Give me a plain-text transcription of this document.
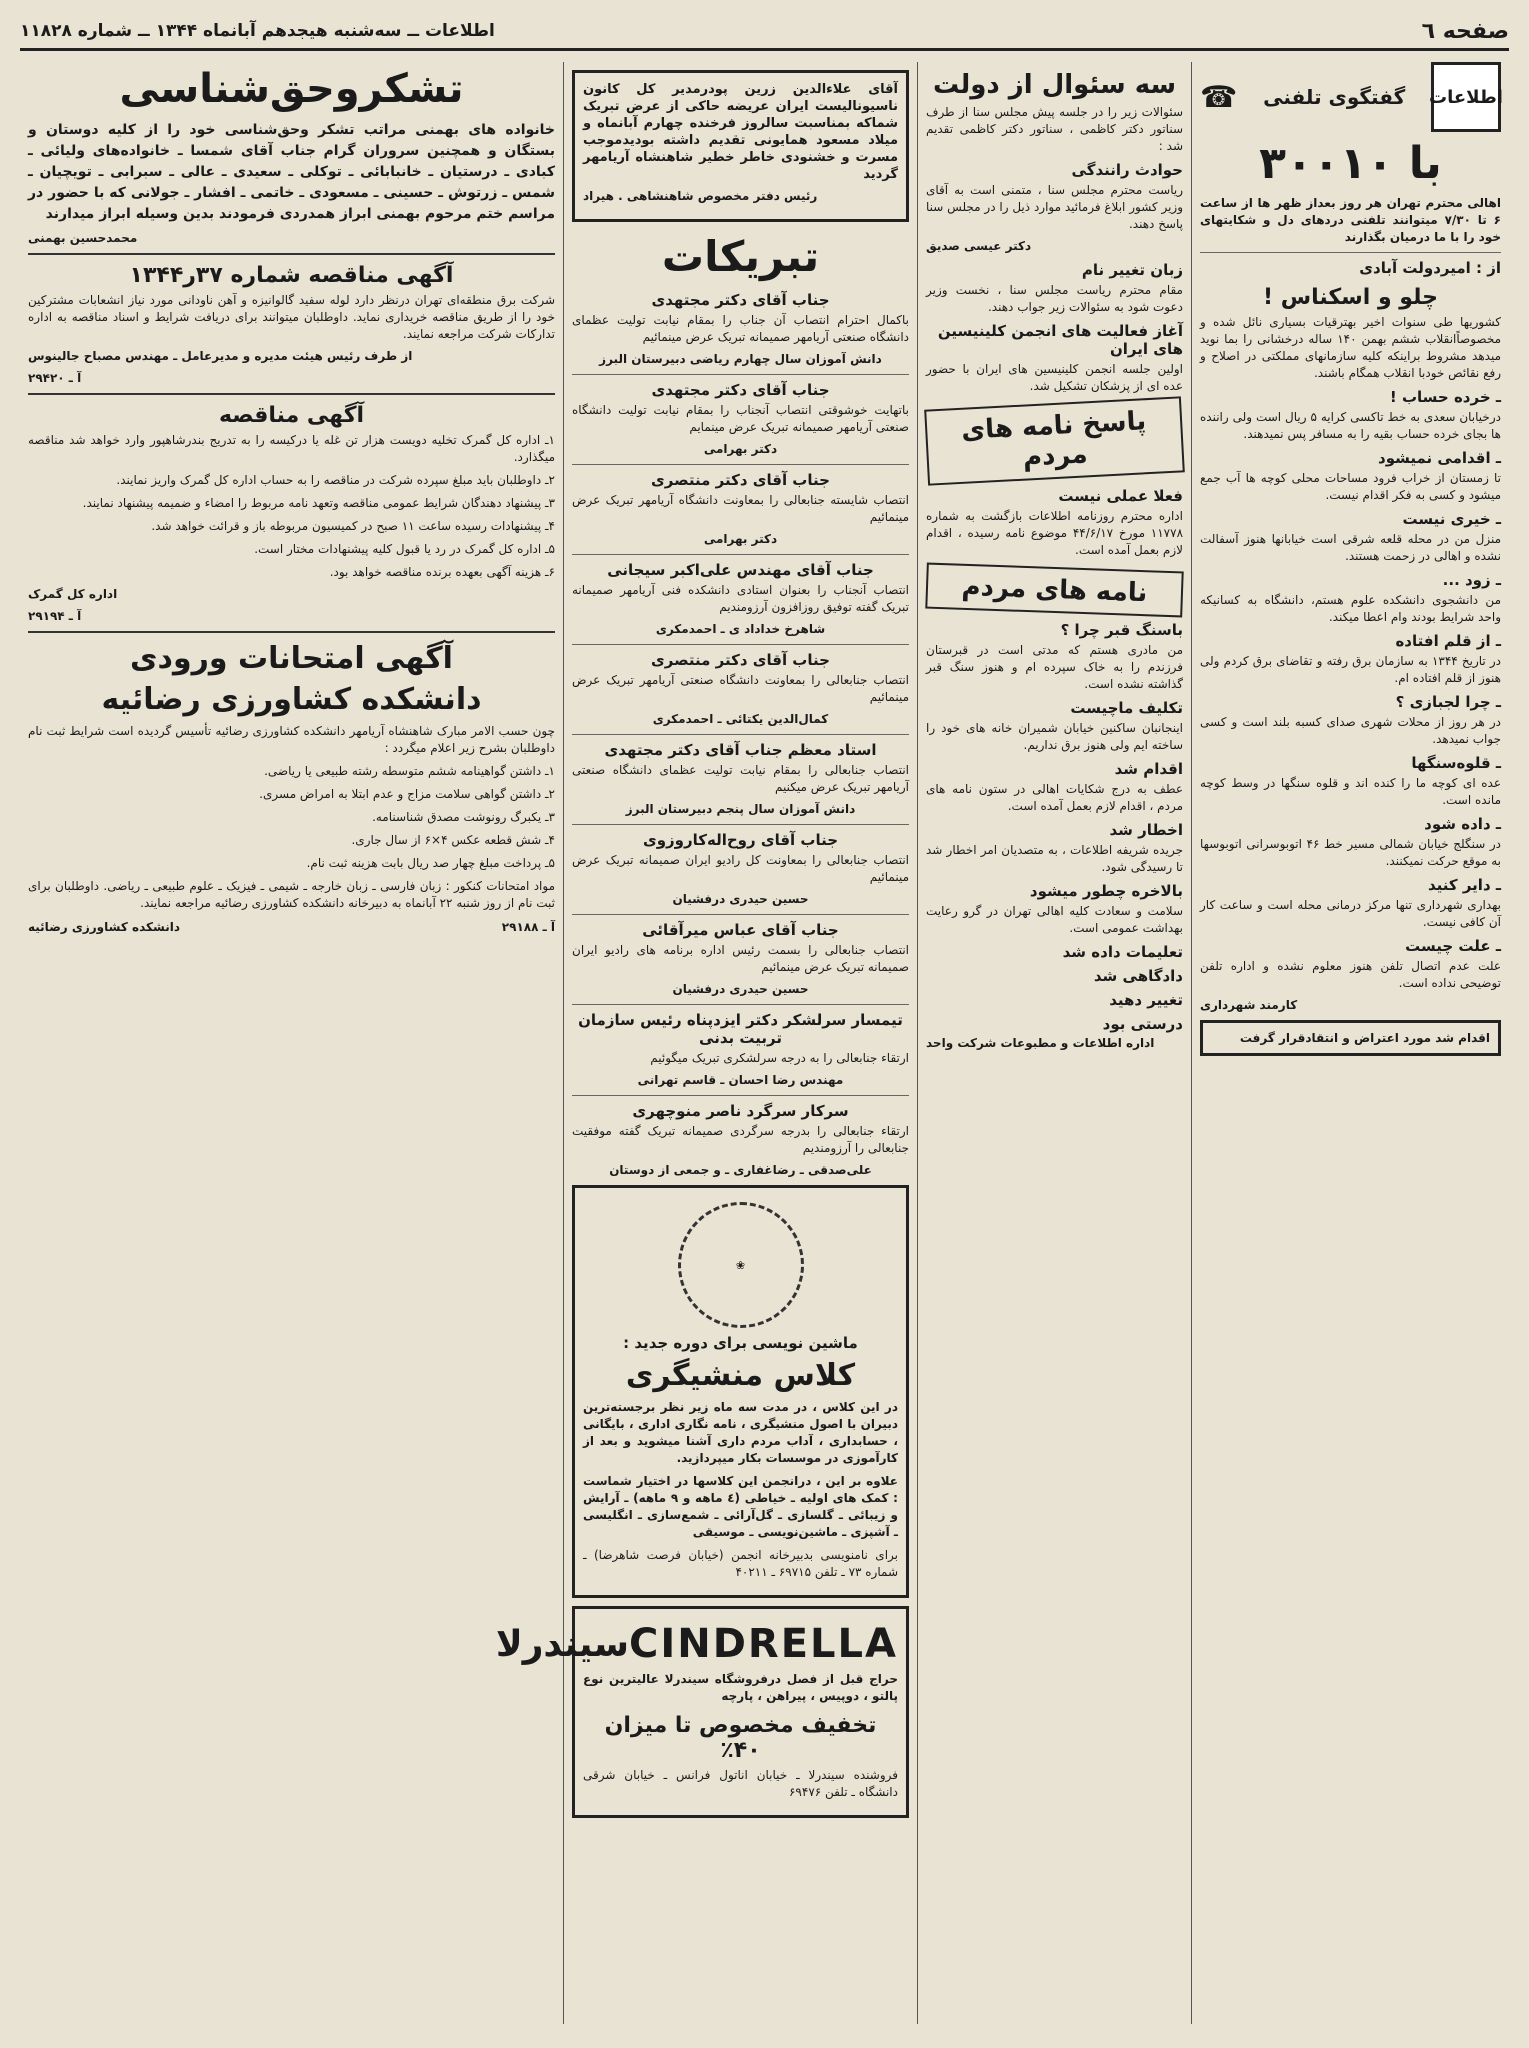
صفحه ٦
اطلاعات ــ سه‌شنبه هیجدهم آبانماه ۱۳۴۴ ــ شماره ۱۱۸۲۸
اطلاعات
گفتگوی تلفنی
☎
۳۰۰۱۰ با

اهالی محترم تهران هر روز بعداز ظهر ها از ساعت ۶ تا ۷/۳۰ میتوانند تلفنی دردهای دل و شکایتهای خود را با ما درمیان بگذارند

از : امیردولت آبادی
چلو و اسکناس !

کشوریها طی سنوات اخیر بهترقیات بسیاری نائل شده و مخصوصاًانقلاب ششم بهمن ۱۴۰ ساله درخشانی را بما نوید میدهد مشروط براینکه کلیه سازمانهای مملکتی در اصلاح و رفع نقائص خودبا انقلاب همگام باشند.

ـ خرده حساب !

درخیابان سعدی به خط تاکسی کرایه ۵ ریال است ولی راننده ها بجای خرده حساب بقیه را به مسافر پس نمیدهند.

ـ اقدامی نمیشود

تا زمستان از خراب فرود مساحات محلی کوچه ها آب جمع میشود و کسی به فکر اقدام نیست.

ـ خیری نیست

منزل من در محله قلعه شرقی است خیابانها هنوز آسفالت نشده و اهالی در زحمت هستند.

ـ زود ...

من دانشجوی دانشکده علوم هستم، دانشگاه به کسانیکه واحد شرایط بودند وام اعطا میکند.

ـ از قلم افتاده

در تاریخ ۱۳۴۴ به سازمان برق رفته و تقاضای برق کردم ولی هنوز از قلم افتاده ام.

ـ چرا لجبازی ؟

در هر روز از محلات شهری صدای کسبه بلند است و کسی جواب نمیدهد.

ـ قلوه‌سنگها

عده ای کوچه ما را کنده اند و قلوه سنگها در وسط کوچه مانده است.

ـ داده شود

در سنگلج خیابان شمالی مسیر خط ۴۶ اتوبوسرانی اتوبوسها به موقع حرکت نمیکنند.

ـ دایر کنید

بهداری شهرداری تنها مرکز درمانی محله است و ساعت کار آن کافی نیست.

ـ علت چیست

علت عدم اتصال تلفن هنوز معلوم نشده و اداره تلفن توضیحی نداده است.

کارمند شهرداری
اقدام شد مورد اعتراض و انتقادقرار گرفت
سه سئوال از دولت

سئوالات زیر را در جلسه پیش مجلس سنا از طرف سناتور دکتر کاظمی ، سناتور دکتر کاظمی تقدیم شد :

حوادث رانندگی

ریاست محترم مجلس سنا ، متمنی است به آقای وزیر کشور ابلاغ فرمائید موارد ذیل را در مجلس سنا پاسخ دهند.

دکتر عیسی صدیق
زبان تغییر نام

مقام محترم ریاست مجلس سنا ، نخست وزیر دعوت شود به سئوالات زیر جواب دهند.

آغاز فعالیت های انجمن کلینیسین های ایران

اولین جلسه انجمن کلینیسین های ایران با حضور عده ای از پزشکان تشکیل شد.

پاسخ نامه های مردم
فعلا عملی نیست

اداره محترم روزنامه اطلاعات بازگشت به شماره ۱۱۷۷۸ مورخ ۴۴/۶/۱۷ موضوع نامه رسیده ، اقدام لازم بعمل آمده است.

نامه های مردم
باسنگ قبر چرا ؟

من مادری هستم که مدتی است در قبرستان فرزندم را به خاک سپرده ام و هنوز سنگ قبر گذاشته نشده است.

تکلیف ماچیست

اینجانبان ساکنین خیابان شمیران خانه های خود را ساخته ایم ولی هنوز برق نداریم.

اقدام شد

عطف به درج شکایات اهالی در ستون نامه های مردم ، اقدام لازم بعمل آمده است.

اخطار شد

جریده شریفه اطلاعات ، به متصدیان امر اخطار شد تا رسیدگی شود.

بالاخره چطور میشود

سلامت و سعادت کلیه اهالی تهران در گرو رعایت بهداشت عمومی است.

تعلیمات داده شد
دادگاهی شد
تغییر دهید
درستی بود
اداره اطلاعات و مطبوعات شرکت واحد

آقای علاءالدین زرین پودرمدیر کل کانون ناسیونالیست ایران عریضه حاکی از عرض تبریک شماکه بمناسبت سالروز فرخنده چهارم آبانماه و میلاد مسعود همایونی تقدیم داشته بودیدموجب مسرت و خشنودی خاطر خطیر شاهنشاه آریامهر گردید

رئیس دفتر مخصوص شاهنشاهی . هیراد
تبریکات
جناب آقای دکتر مجتهدی

باکمال احترام انتصاب آن جناب را بمقام نیابت تولیت عظمای دانشگاه صنعتی آریامهر صمیمانه تبریک عرض مینمائیم

دانش آموزان سال چهارم ریاضی دبیرستان البرز
جناب آقای دکتر مجتهدی

باتهایت خوشوقتی انتصاب آنجناب را بمقام نیابت تولیت دانشگاه صنعتی آریامهر صمیمانه تبریک عرض مینمایم

دکتر بهرامی
جناب آقای دکتر منتصری

انتصاب شایسته جنابعالی را بمعاونت دانشگاه آریامهر تبریک عرض مینمائیم

دکتر بهرامی
جناب آقای مهندس علی‌اکبر سیجانی

انتصاب آنجناب را بعنوان استادی دانشکده فنی آریامهر صمیمانه تبریک گفته توفیق روزافزون آرزومندیم

شاهرخ خداداد ی ـ احمدمکری
جناب آقای دکتر منتصری

انتصاب جنابعالی را بمعاونت دانشگاه صنعتی آریامهر تبریک عرض مینمائیم

کمال‌الدین یکتائی ـ احمدمکری
استاد معظم جناب آقای دکتر مجتهدی

انتصاب جنابعالی را بمقام نیابت تولیت عظمای دانشگاه صنعتی آریامهر تبریک عرض میکنیم

دانش آموزان سال پنجم دبیرستان البرز
جناب آقای روح‌اله‌کاروزوی

انتصاب جنابعالی را بمعاونت کل رادیو ایران صمیمانه تبریک عرض مینمائیم

حسین حیدری درفشیان
جناب آقای عباس میرآقائی

انتصاب جنابعالی را بسمت رئیس اداره برنامه های رادیو ایران صمیمانه تبریک عرض مینمائیم

حسین حیدری درفشیان
تیمسار سرلشکر دکتر ایزدپناه رئیس سازمان تربیت بدنی

ارتقاء جنابعالی را به درجه سرلشکری تبریک میگوئیم

مهندس رضا احسان ـ قاسم تهرانی
سرکار سرگرد ناصر منوچهری

ارتقاء جنابعالی را بدرجه سرگردی صمیمانه تبریک گفته موفقیت جنابعالی را آرزومندیم

علی‌صدقی ـ رضاغفاری ـ و جمعی از دوستان
❀
ماشین نویسی برای دوره جدید :
کلاس منشیگری

در این کلاس ، در مدت سه ماه زیر نظر برجسته‌ترین دبیران با اصول منشیگری ، نامه نگاری اداری ، بایگانی ، حسابداری ، آداب مردم داری آشنا میشوید و بعد از کارآموزی در موسسات بکار میپردازید.

علاوه بر این ، درانجمن این کلاسها در اختیار شماست : کمک های اولیه ـ خیاطی (٤ ماهه و ۹ ماهه) ـ آرایش و زیبائی ـ گلسازی ـ گل‌آرائی ـ شمع‌سازی ـ انگلیسی ـ آشپزی ـ ماشین‌نویسی ـ موسیقی

برای نامنویسی بدبیرخانه انجمن (خیابان فرصت شاهرضا) ـ شماره ۷۳ ـ تلفن ۶۹۷۱۵ ـ ۴۰۲۱۱

CINDRELLA
سیندرلا

حراج قبل از فصل درفروشگاه سیندرلا عالیترین نوع پالتو ، دوپیس ، پیراهن ، پارچه

تخفیف مخصوص تا میزان ۴۰٪

فروشنده سیندرلا ـ خیابان اناتول فرانس ـ خیابان شرقی دانشگاه ـ تلفن ۶۹۴۷۶

تشکروحق‌شناسی

خانواده های بهمنی مراتب تشکر وحق‌شناسی خود را از کلیه دوستان و بستگان و همچنین سروران گرام جناب آقای شمسا ـ خانواده‌های ولیائی ـ کبادی ـ درستیان ـ خانبابائی ـ توکلی ـ سعیدی ـ عالی ـ سبرابی ـ تویچیان ـ شمس ـ زرتوش ـ حسینی ـ مسعودی ـ خاتمی ـ افشار ـ جولانی که با حضور در مراسم ختم مرحوم بهمنی ابراز همدردی فرمودند بدین وسیله ابراز میدارند

محمدحسین بهمنی
آگهی مناقصه شماره ۳۷ر۱۳۴۴

شرکت برق منطقه‌ای تهران درنظر دارد لوله سفید گالوانیزه و آهن ناودانی مورد نیاز انشعابات مشترکین خود را از طریق مناقصه خریداری نماید. داوطلبان میتوانند برای دریافت شرایط و اسناد مناقصه به اداره تدارکات شرکت مراجعه نمایند.

از طرف رئیس هیئت مدیره و مدیرعامل ـ مهندس مصباح جالینوس
آ ـ ۲۹۴۲۰
آگهی مناقصه

۱ـ اداره کل گمرک تخلیه دویست هزار تن غله یا درکیسه را به تدریج بندرشاهپور وارد خواهد شد مناقصه میگذارد.

۲ـ داوطلبان باید مبلغ سپرده شرکت در مناقصه را به حساب اداره کل گمرک واریز نمایند.

۳ـ پیشنهاد دهندگان شرایط عمومی مناقصه وتعهد نامه مربوط را امضاء و ضمیمه پیشنهاد نمایند.

۴ـ پیشنهادات رسیده ساعت ۱۱ صبح در کمیسیون مربوطه باز و قرائت خواهد شد.

۵ـ اداره کل گمرک در رد یا قبول کلیه پیشنهادات مختار است.

۶ـ هزینه آگهی بعهده برنده مناقصه خواهد بود.

اداره کل گمرک
آ ـ ۲۹۱۹۴
آگهی امتحانات ورودی
دانشکده کشاورزی رضائیه

چون حسب الامر مبارک شاهنشاه آریامهر دانشکده کشاورزی رضائیه تأسیس گردیده است شرایط ثبت نام داوطلبان بشرح زیر اعلام میگردد :

۱ـ داشتن گواهینامه ششم متوسطه رشته طبیعی یا ریاضی.

۲ـ داشتن گواهی سلامت مزاج و عدم ابتلا به امراض مسری.

۳ـ یکبرگ رونوشت مصدق شناسنامه.

۴ـ شش قطعه عکس ۴×۶ از سال جاری.

۵ـ پرداخت مبلغ چهار صد ریال بابت هزینه ثبت نام.

مواد امتحانات کنکور : زبان فارسی ـ زبان خارجه ـ شیمی ـ فیزیک ـ علوم طبیعی ـ ریاضی. داوطلبان برای ثبت نام از روز شنبه ۲۲ آبانماه به دبیرخانه دانشکده کشاورزی رضائیه مراجعه نمایند.

آ ـ ۲۹۱۸۸
دانشکده کشاورزی رضائیه
